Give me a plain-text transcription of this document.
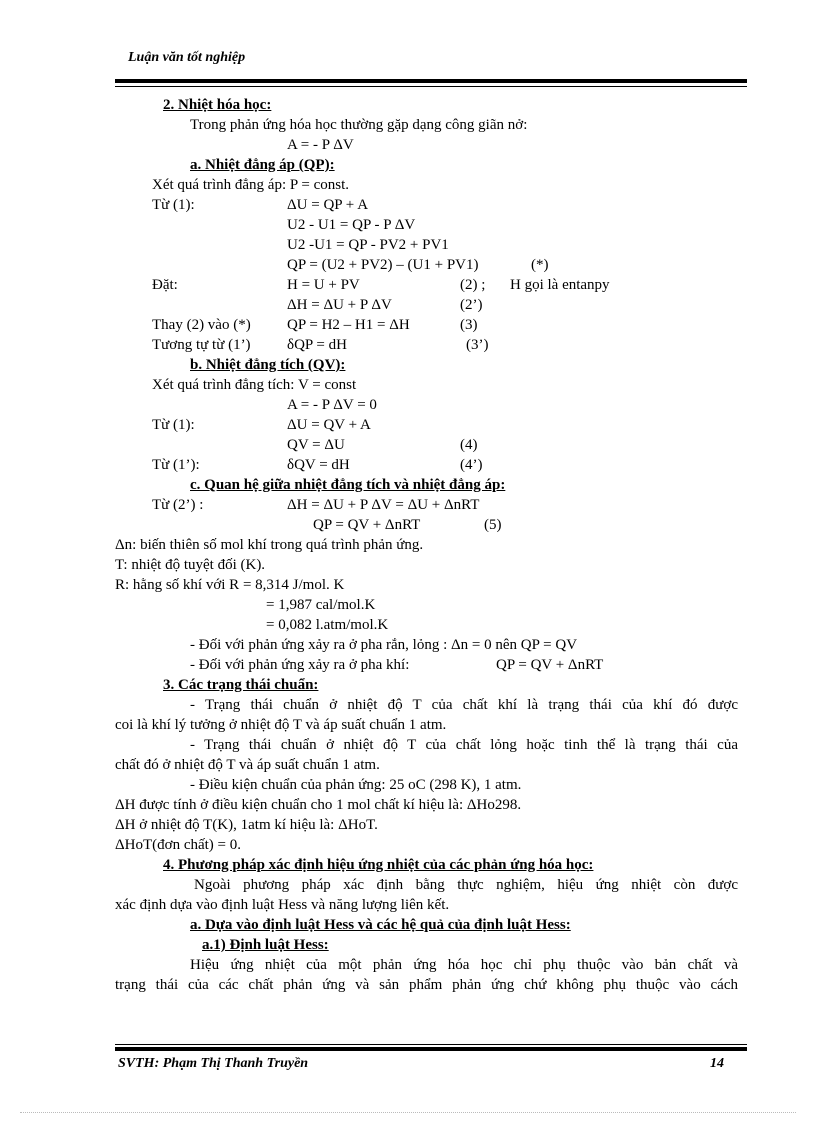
Luận văn tốt nghiệp
2. Nhiệt hóa học:
Trong phản ứng hóa học thường gặp dạng công giãn nở:
A = - P ΔV
a. Nhiệt đẳng áp (QP):
Xét quá trình đẳng áp: P = const.
Từ (1):	ΔU = QP + A
U2 - U1 = QP - P ΔV
U2 -U1 = QP - PV2 + PV1
QP = (U2 + PV2) – (U1 + PV1)	(*)
Đặt:	H = U + PV	(2) ; H gọi là entanpy
ΔH = ΔU + P ΔV	(2’)
Thay (2) vào (*) QP = H2 – H1 = ΔH	(3)
Tương tự từ (1’) δQP = dH	(3’)
b. Nhiệt đẳng tích (QV):
Xét quá trình đẳng tích: V = const
A = - P ΔV = 0
Từ (1):	ΔU = QV + A
QV = ΔU	(4)
Từ (1’):	δQV = dH	(4’)
c. Quan hệ giữa nhiệt đẳng tích và nhiệt đẳng áp:
Từ (2’) :	ΔH = ΔU + P ΔV = ΔU + ΔnRT
QP = QV + ΔnRT	(5)
Δn: biến thiên số mol khí trong quá trình phản ứng.
T: nhiệt độ tuyệt đối (K).
R: hằng số khí với R = 8,314 J/mol. K
= 1,987 cal/mol.K
= 0,082 l.atm/mol.K
- Đối với phản ứng xảy ra ở pha rắn, lỏng : Δn = 0 nên QP = QV
- Đối với phản ứng xảy ra ở pha khí:	QP = QV + ΔnRT
3. Các trạng thái chuẩn:
- Trạng thái chuẩn ở nhiệt độ T của chất khí là trạng thái của khí đó được
coi là khí lý tưởng ở nhiệt độ T và áp suất chuẩn 1 atm.
- Trạng thái chuẩn ở nhiệt độ T của chất lỏng hoặc tinh thể là trạng thái của
chất đó ở nhiệt độ T và áp suất chuẩn 1 atm.
- Điều kiện chuẩn của phản ứng: 25 oC (298 K), 1 atm.
ΔH được tính ở điều kiện chuẩn cho 1 mol chất kí hiệu là: ΔHo298.
ΔH ở nhiệt độ T(K), 1atm kí hiệu là: ΔHoT.
ΔHoT(đơn chất) = 0.
4. Phương pháp xác định hiệu ứng nhiệt của các phản ứng hóa học:
Ngoài phương pháp xác định bằng thực nghiệm, hiệu ứng nhiệt còn được
xác định dựa vào định luật Hess và năng lượng liên kết.
a. Dựa vào định luật Hess và các hệ quả của định luật Hess:
a.1) Định luật Hess:
Hiệu ứng nhiệt của một phản ứng hóa học chỉ phụ thuộc vào bản chất và
trạng thái của các chất phản ứng và sản phẩm phản ứng chứ không phụ thuộc vào cách
SVTH: Phạm Thị Thanh Truyền	14
